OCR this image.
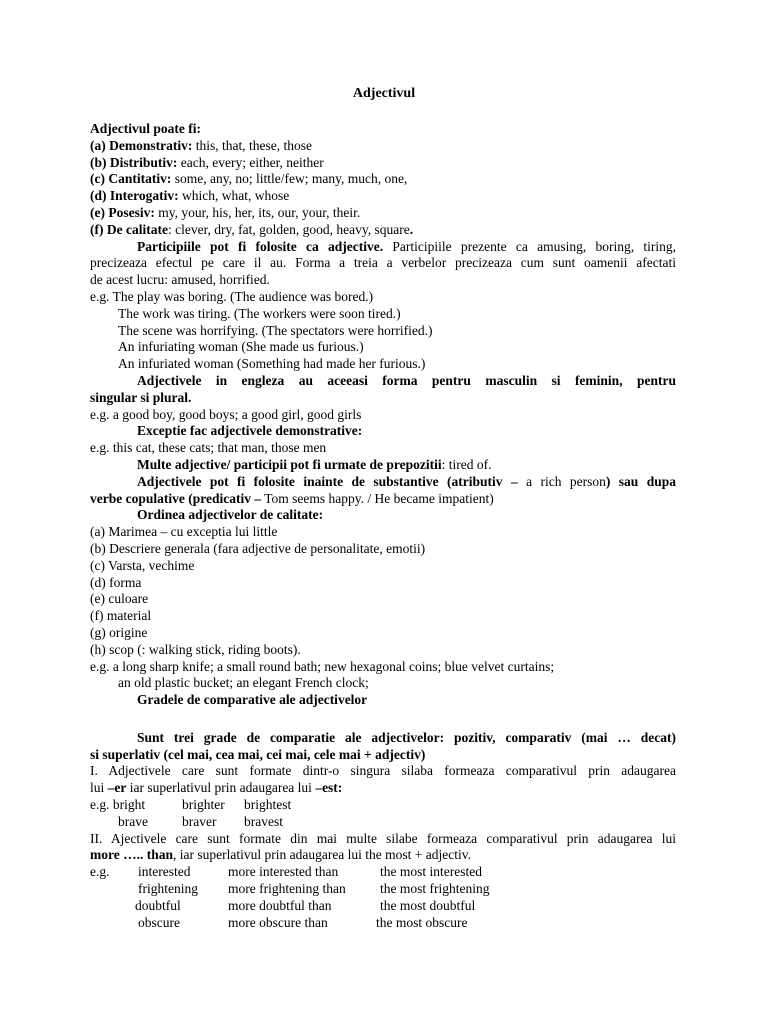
Adjectivul
Adjectivul poate fi:
(a) Demonstrativ: this, that, these, those
(b) Distributiv: each, every; either, neither
(c) Cantitativ: some, any, no; little/few; many, much, one,
(d) Interogativ: which, what, whose
(e) Posesiv: my, your, his, her, its, our, your, their.
(f) De calitate: clever, dry, fat, golden, good, heavy, square.
Participiile pot fi folosite ca adjective. Participiile prezente ca amusing, boring, tiring,
precizeaza efectul pe care il au. Forma a treia a verbelor precizeaza cum sunt oamenii afectati
de acest lucru: amused, horrified.
e.g. The play was boring. (The audience was bored.)
The work was tiring. (The workers were soon tired.)
The scene was horrifying. (The spectators were horrified.)
An infuriating woman (She made us furious.)
An infuriated woman (Something had made her furious.)
Adjectivele in engleza au aceeasi forma pentru masculin si feminin, pentru
singular si plural.
e.g. a good boy, good boys; a good girl, good girls
Exceptie fac adjectivele demonstrative:
e.g. this cat, these cats; that man, those men
Multe adjective/ participii pot fi urmate de prepozitii: tired of.
Adjectivele pot fi folosite inainte de substantive (atributiv – a rich person) sau dupa
verbe copulative (predicativ – Tom seems happy. / He became impatient)
Ordinea adjectivelor de calitate:
(a) Marimea – cu exceptia lui little
(b) Descriere generala (fara adjective de personalitate, emotii)
(c) Varsta, vechime
(d) forma
(e) culoare
(f) material
(g) origine
(h) scop (: walking stick, riding boots).
e.g. a long sharp knife; a small round bath; new hexagonal coins; blue velvet curtains;
an old plastic bucket; an elegant French clock;
Gradele de comparative ale adjectivelor
Sunt trei grade de comparatie ale adjectivelor: pozitiv, comparativ (mai … decat)
si superlativ (cel mai, cea mai, cei mai, cele mai + adjectiv)
I. Adjectivele care sunt formate dintr-o singura silaba formeaza comparativul prin adaugarea
lui –er iar superlativul prin adaugarea lui –est:
e.g. bright	brighter	brightest
brave	braver	bravest
II. Ajectivele care sunt formate din mai multe silabe formeaza comparativul prin adaugarea lui
more ….. than, iar superlativul prin adaugarea lui the most + adjectiv.
e.g.	interested	more interested than	the most interested
frightening	more frightening than	the most frightening
doubtful	more doubtful than	the most doubtful
obscure	more obscure than	the most obscure
